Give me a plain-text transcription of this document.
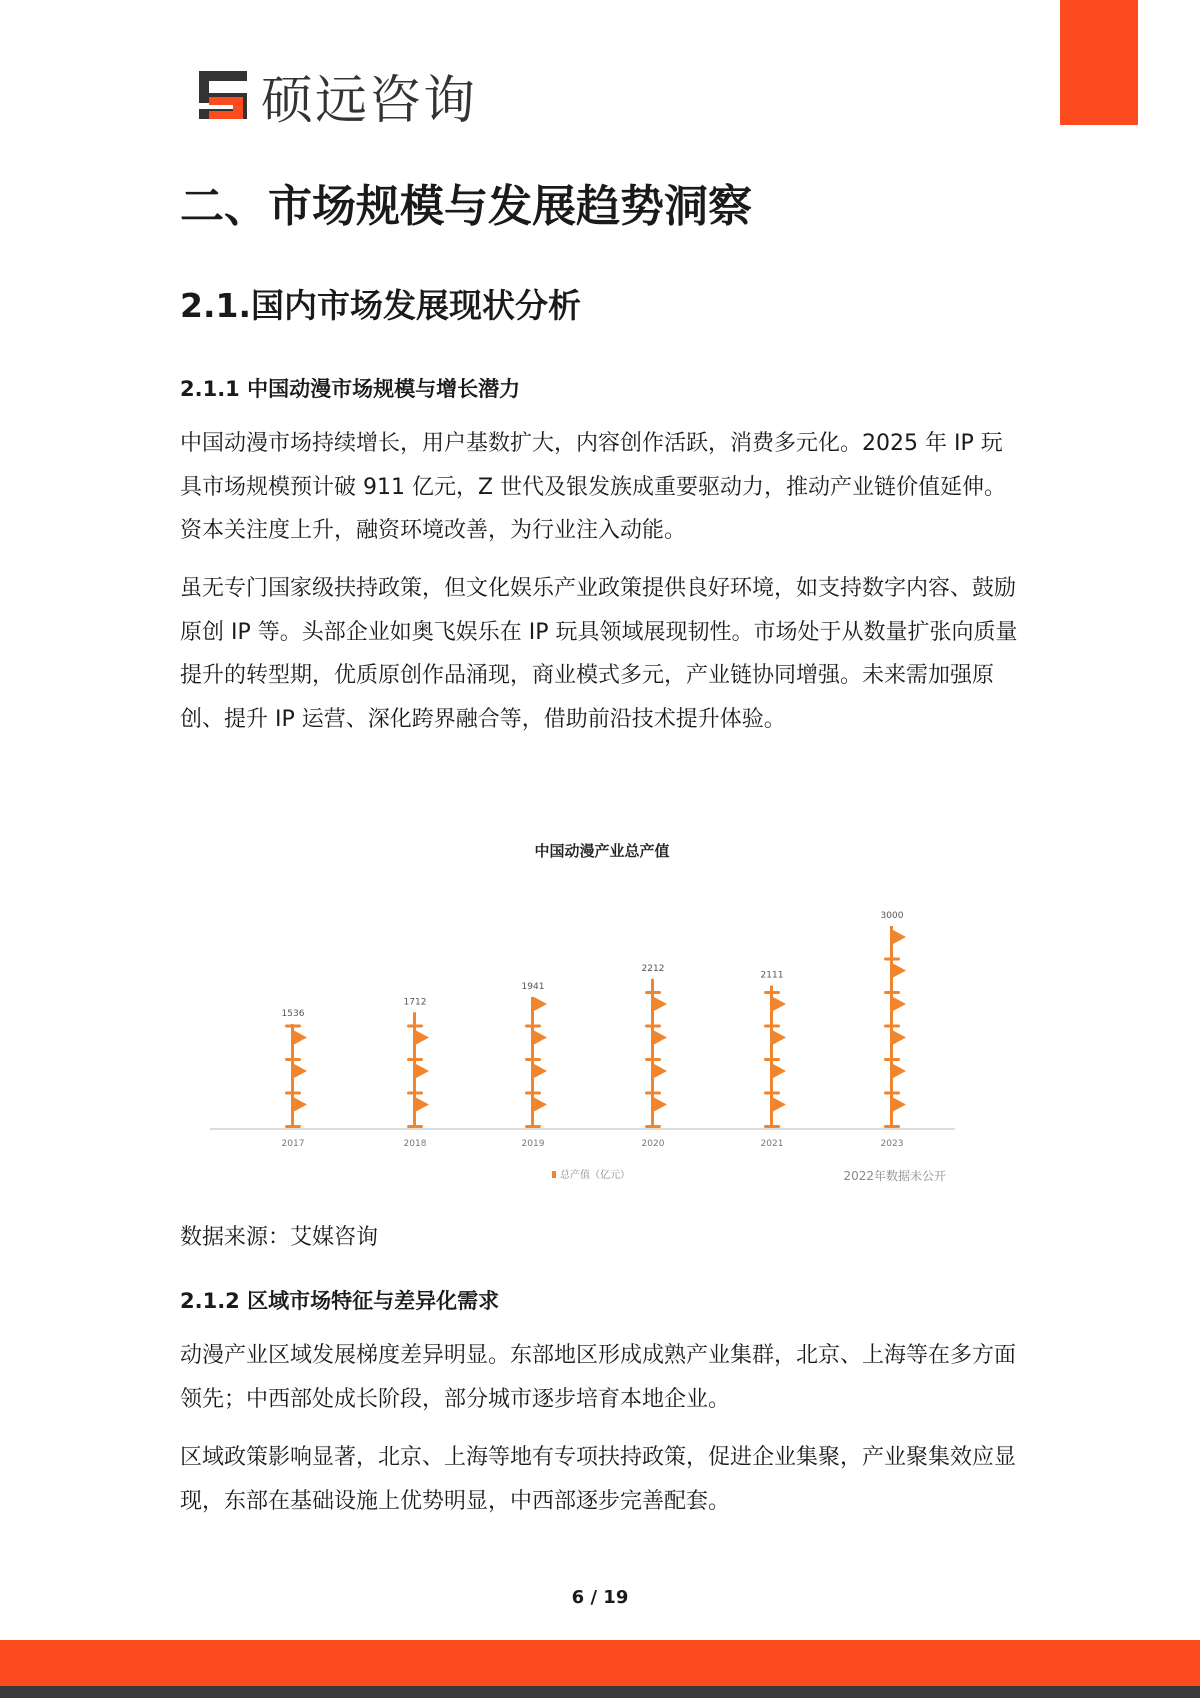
硕远咨询
二、市场规模与发展趋势洞察
2.1.国内市场发展现状分析
2.1.1 中国动漫市场规模与增长潜力

中国动漫市场持续增长，用户基数扩大，内容创作活跃，消费多元化。2025 年 IP 玩具市场规模预计破 911 亿元，Z 世代及银发族成重要驱动力，推动产业链价值延伸。资本关注度上升，融资环境改善，为行业注入动能。

虽无专门国家级扶持政策，但文化娱乐产业政策提供良好环境，如支持数字内容、鼓励原创 IP 等。头部企业如奥飞娱乐在 IP 玩具领域展现韧性。市场处于从数量扩张向质量提升的转型期，优质原创作品涌现，商业模式多元，产业链协同增强。未来需加强原创、提升 IP 运营、深化跨界融合等，借助前沿技术提升体验。

中国动漫产业总产值
1536
2017
1712
2018
1941
2019
2212
2020
2111
2021
3000
2023
总产值（亿元）	2022年数据未公开

数据来源：艾媒咨询

2.1.2 区域市场特征与差异化需求

动漫产业区域发展梯度差异明显。东部地区形成成熟产业集群，北京、上海等在多方面领先；中西部处成长阶段，部分城市逐步培育本地企业。

区域政策影响显著，北京、上海等地有专项扶持政策，促进企业集聚，产业聚集效应显现，东部在基础设施上优势明显，中西部逐步完善配套。

6 / 19
